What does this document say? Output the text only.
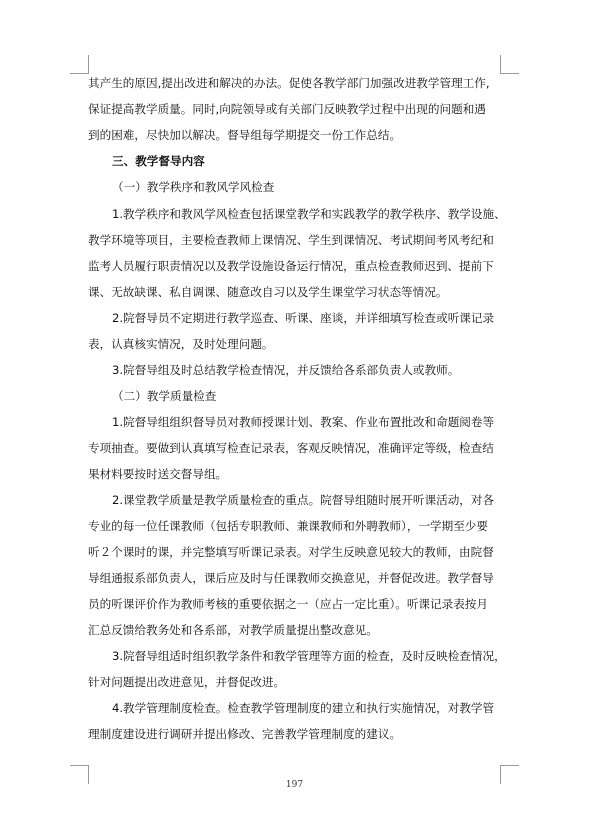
其产生的原因,提出改进和解决的办法。促使各教学部门加强改进教学管理工作,
保证提高教学质量。同时,向院领导或有关部门反映教学过程中出现的问题和遇
到的困难，尽快加以解决。督导组每学期提交一份工作总结。
三、教学督导内容
（一）教学秩序和教风学风检查
1.教学秩序和教风学风检查包括课堂教学和实践教学的教学秩序、教学设施、
教学环境等项目，主要检查教师上课情况、学生到课情况、考试期间考风考纪和
监考人员履行职责情况以及教学设施设备运行情况，重点检查教师迟到、提前下
课、无故缺课、私自调课、随意改自习以及学生课堂学习状态等情况。
2.院督导员不定期进行教学巡查、听课、座谈，并详细填写检查或听课记录
表，认真核实情况，及时处理问题。
3.院督导组及时总结教学检查情况，并反馈给各系部负责人或教师。
（二）教学质量检查
1.院督导组组织督导员对教师授课计划、教案、作业布置批改和命题阅卷等
专项抽查。要做到认真填写检查记录表，客观反映情况，准确评定等级，检查结
果材料要按时送交督导组。
2.课堂教学质量是教学质量检查的重点。院督导组随时展开听课活动，对各
专业的每一位任课教师（包括专职教师、兼课教师和外聘教师），一学期至少要
听２个课时的课，并完整填写听课记录表。对学生反映意见较大的教师，由院督
导组通报系部负责人，课后应及时与任课教师交换意见，并督促改进。教学督导
员的听课评价作为教师考核的重要依据之一（应占一定比重）。听课记录表按月
汇总反馈给教务处和各系部，对教学质量提出整改意见。
3.院督导组适时组织教学条件和教学管理等方面的检查，及时反映检查情况，
针对问题提出改进意见，并督促改进。
4.教学管理制度检查。检查教学管理制度的建立和执行实施情况，对教学管
理制度建设进行调研并提出修改、完善教学管理制度的建议。
197
